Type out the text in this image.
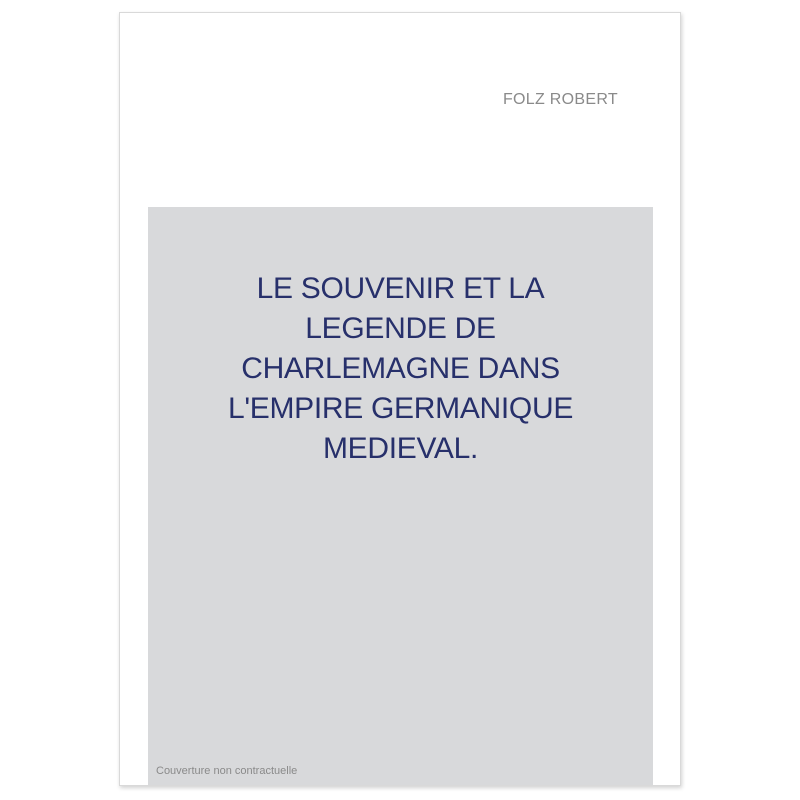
FOLZ ROBERT
LE SOUVENIR ET LA
LEGENDE DE
CHARLEMAGNE DANS
L'EMPIRE GERMANIQUE
MEDIEVAL.
Couverture non contractuelle
